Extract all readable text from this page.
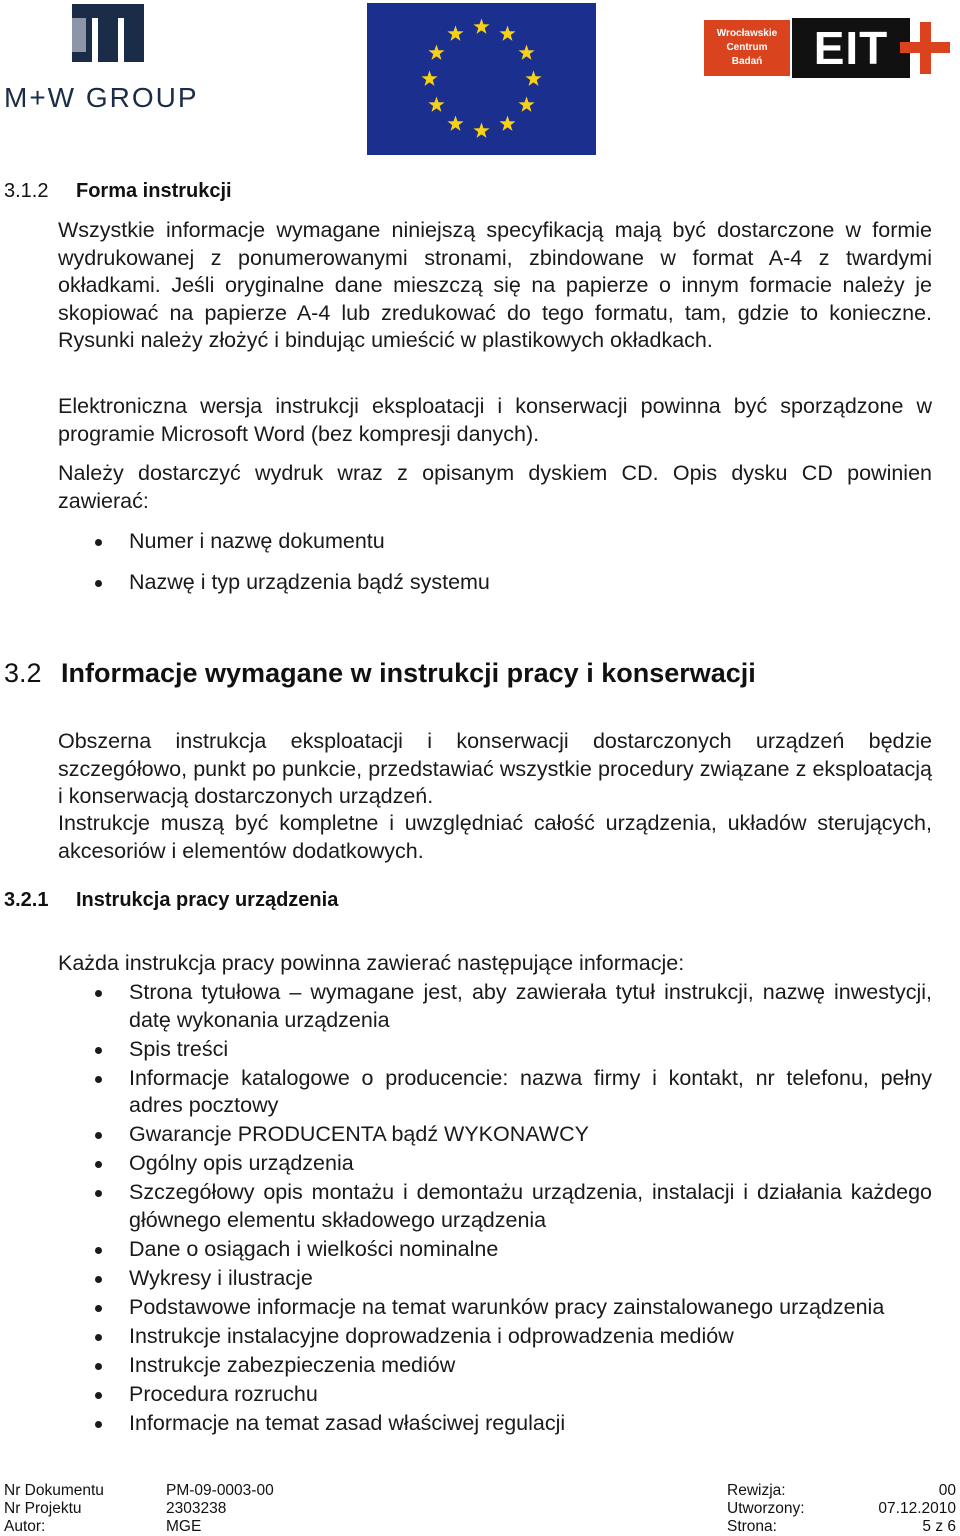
M+W GROUP
Wrocławskie
Centrum
Badań	EIT
3.1.2 Forma instrukcji
Wszystkie informacje wymagane niniejszą specyfikacją mają być dostarczone w formie wydrukowanej z ponumerowanymi stronami, zbindowane w format A-4 z twardymi okładkami. Jeśli oryginalne dane mieszczą się na papierze o innym formacie należy je skopiować na papierze A-4 lub zredukować do tego formatu, tam, gdzie to konieczne. Rysunki należy złożyć i bindując umieścić w plastikowych okładkach.
Elektroniczna wersja instrukcji eksploatacji i konserwacji powinna być sporządzone w programie Microsoft Word (bez kompresji danych).
Należy dostarczyć wydruk wraz z opisanym dyskiem CD. Opis dysku CD powinien zawierać:
Numer i nazwę dokumentu
Nazwę i typ urządzenia bądź systemu
3.2 Informacje wymagane w instrukcji pracy i konserwacji
Obszerna instrukcja eksploatacji i konserwacji dostarczonych urządzeń będzie szczegółowo, punkt po punkcie, przedstawiać wszystkie procedury związane z eksploatacją i konserwacją dostarczonych urządzeń.
Instrukcje muszą być kompletne i uwzględniać całość urządzenia, układów sterujących, akcesoriów i elementów dodatkowych.
3.2.1 Instrukcja pracy urządzenia
Każda instrukcja pracy powinna zawierać następujące informacje:
Strona tytułowa – wymagane jest, aby zawierała tytuł instrukcji, nazwę inwestycji, datę wykonania urządzenia
Spis treści
Informacje katalogowe o producencie: nazwa firmy i kontakt, nr telefonu, pełny adres pocztowy
Gwarancje PRODUCENTA bądź WYKONAWCY
Ogólny opis urządzenia
Szczegółowy opis montażu i demontażu urządzenia, instalacji i działania każdego głównego elementu składowego urządzenia
Dane o osiągach i wielkości nominalne
Wykresy i ilustracje
Podstawowe informacje na temat warunków pracy zainstalowanego urządzenia
Instrukcje instalacyjne doprowadzenia i odprowadzenia mediów
Instrukcje zabezpieczenia mediów
Procedura rozruchu
Informacje na temat zasad właściwej regulacji
Nr Dokumentu	PM-09-0003-00	Rewizja:	00
Nr Projektu	2303238	Utworzony:	07.12.2010
Autor:	MGE	Strona:	5 z 6
